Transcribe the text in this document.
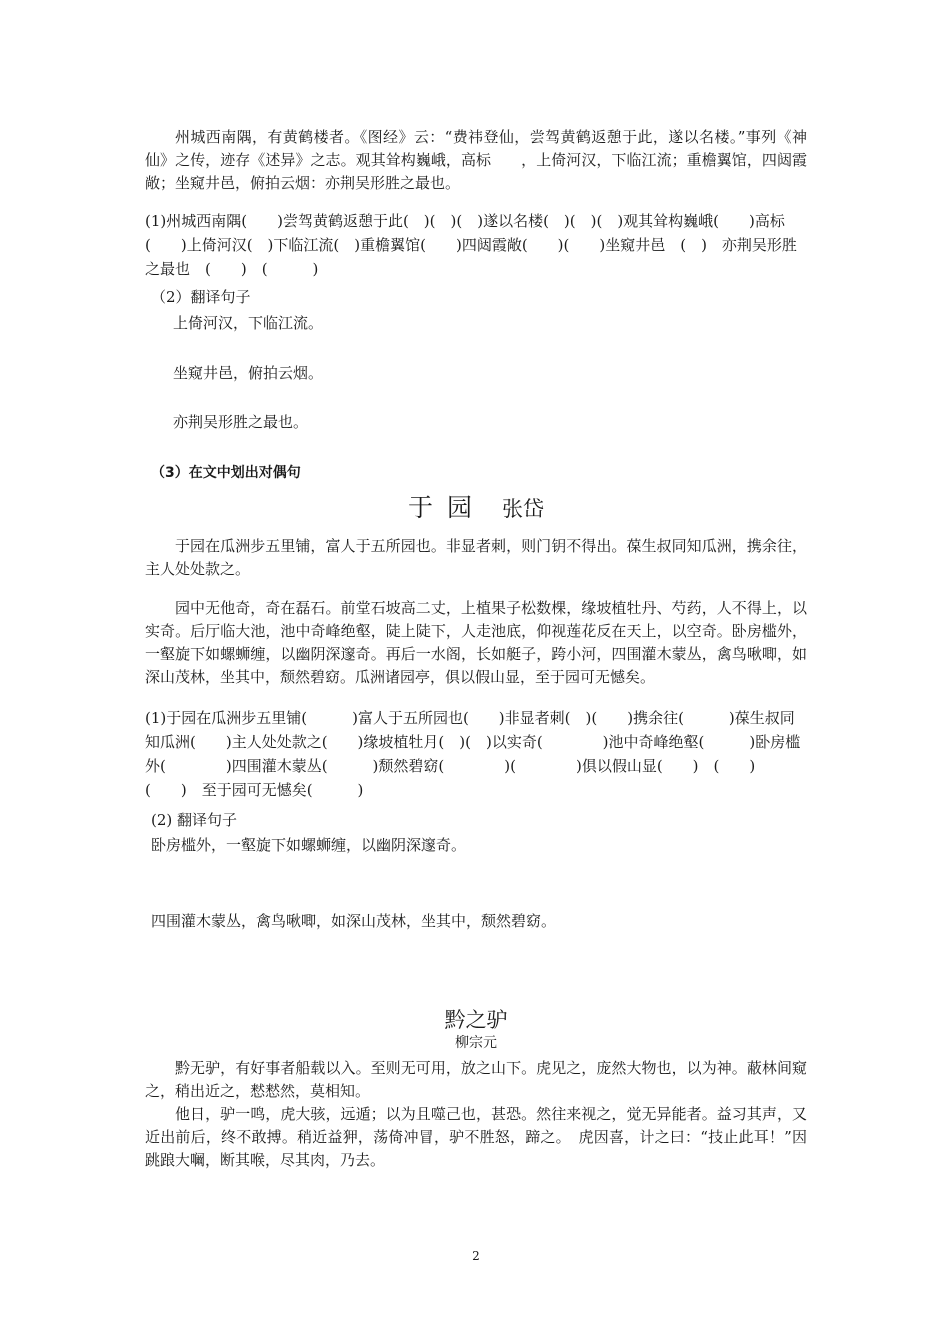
州城西南隅，有黄鹤楼者。《图经》云：“费祎登仙，尝驾黄鹤返憩于此，遂以名楼。”事列《神仙》之传，迹存《述异》之志。观其耸构巍峨，高标　　，上倚河汉，下临江流；重檐翼馆，四闼霞敞；坐窥井邑，俯拍云烟：亦荆吴形胜之最也。

(1)州城西南隅(　　)尝驾黄鹤返憩于此(　)(　)(　)遂以名楼(　)(　)(　)观其耸构巍峨(　　)高标　(　　)上倚河汉(　)下临江流(　)重檐翼馆(　　)四闼霞敞(　　)(　　)坐窥井邑　(　)　亦荆吴形胜之最也　(　　)　(　　　)

（2）翻译句子

上倚河汉，下临江流。

坐窥井邑，俯拍云烟。

亦荆吴形胜之最也。

（3）在文中划出对偶句

于园 张岱

于园在瓜洲步五里铺，富人于五所园也。非显者刺，则门钥不得出。葆生叔同知瓜洲，携余往，主人处处款之。

园中无他奇，奇在磊石。前堂石坡高二丈，上植果子松数棵，缘坡植牡丹、芍药，人不得上，以实奇。后厅临大池，池中奇峰绝壑，陡上陡下，人走池底，仰视莲花反在天上，以空奇。卧房槛外，一壑旋下如螺蛳缠，以幽阴深邃奇。再后一水阁，长如艇子，跨小河，四围灌木蒙丛，禽鸟啾唧，如深山茂林，坐其中，颓然碧窈。瓜洲诸园亭，俱以假山显，至于园可无憾矣。

(1)于园在瓜洲步五里铺(　　　)富人于五所园也(　　)非显者刺(　)(　　)携余往(　　　)葆生叔同知瓜洲(　　)主人处处款之(　　)缘坡植牡月(　)(　)以实奇(　　　　)池中奇峰绝壑(　　　)卧房槛外(　　　　)四围灌木蒙丛(　　　)颓然碧窈(　　　　)(　　　　)俱以假山显(　　)　(　　)　(　　)　至于园可无憾矣(　　　)

(2) 翻译句子

卧房槛外，一壑旋下如螺蛳缠，以幽阴深邃奇。

四围灌木蒙丛，禽鸟啾唧，如深山茂林，坐其中，颓然碧窈。

黔之驴

柳宗元

黔无驴，有好事者船载以入。至则无可用，放之山下。虎见之，庞然大物也，以为神。蔽林间窥之，稍出近之，慭慭然，莫相知。

他日，驴一鸣，虎大骇，远遁；以为且噬己也，甚恐。然往来视之，觉无异能者。益习其声，又近出前后，终不敢搏。稍近益狎，荡倚冲冒，驴不胜怒，蹄之。　虎因喜，计之曰：“技止此耳！”因跳踉大㘎，断其喉，尽其肉，乃去。

2
